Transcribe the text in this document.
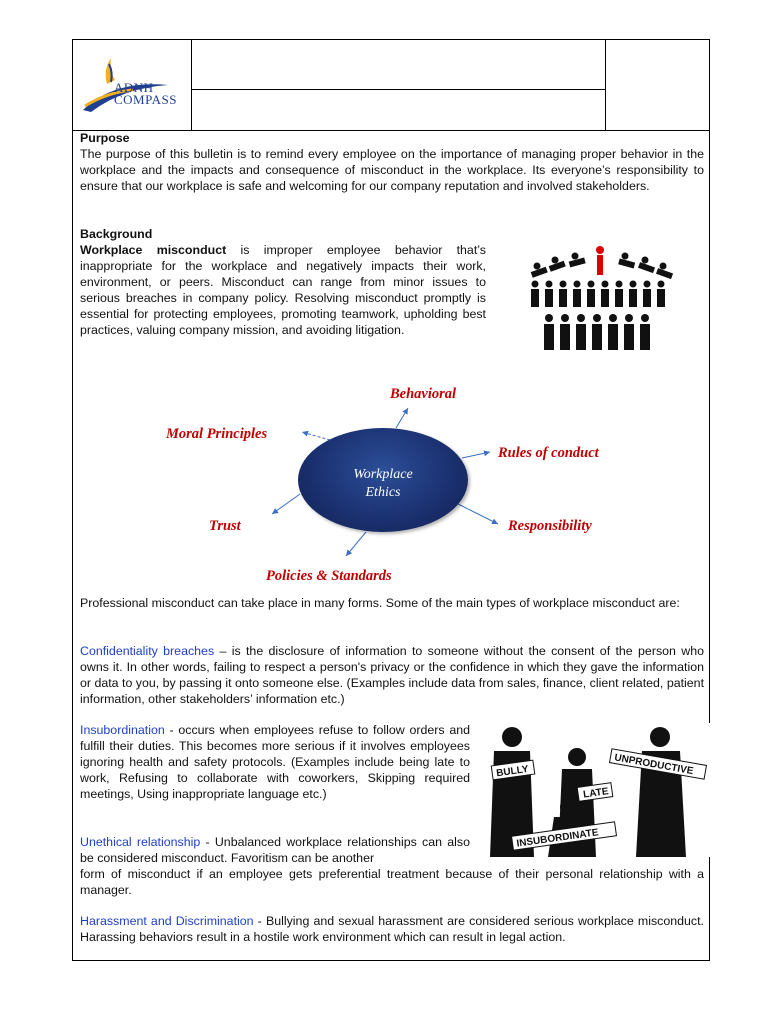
ADNH
COMPASS

Purpose

The purpose of this bulletin is to remind every employee on the importance of managing proper behavior in the workplace and the impacts and consequence of misconduct in the workplace. Its everyone’s responsibility to ensure that our workplace is safe and welcoming for our company reputation and involved stakeholders.

Background

Workplace misconduct is improper employee behavior that’s inappropriate for the workplace and negatively impacts their work, environment, or peers. Misconduct can range from minor issues to serious breaches in company policy. Resolving misconduct promptly is essential for protecting employees, promoting teamwork, upholding best practices, valuing company mission, and avoiding litigation.

Workplace
Ethics
Behavioral
Moral Principles
Rules of conduct
Trust	Responsibility
Policies & Standards

Professional misconduct can take place in many forms. Some of the main types of workplace misconduct are:

Confidentiality breaches – is the disclosure of information to someone without the consent of the person who owns it. In other words, failing to respect a person's privacy or the confidence in which they gave the information or data to you, by passing it onto someone else. (Examples include data from sales, finance, client related, patient information, other stakeholders’ information etc.)

Insubordination - occurs when employees refuse to follow orders and fulfill their duties. This becomes more serious if it involves employees ignoring health and safety protocols. (Examples include being late to work, Refusing to collaborate with coworkers, Skipping required meetings, Using inappropriate language etc.)

BULLY
LATE
UNPRODUCTIVE
INSUBORDINATE

Unethical relationship - Unbalanced workplace relationships can also be considered misconduct. Favoritism can be another

form of misconduct if an employee gets preferential treatment because of their personal relationship with a manager.

Harassment and Discrimination - Bullying and sexual harassment are considered serious workplace misconduct. Harassing behaviors result in a hostile work environment which can result in legal action.
